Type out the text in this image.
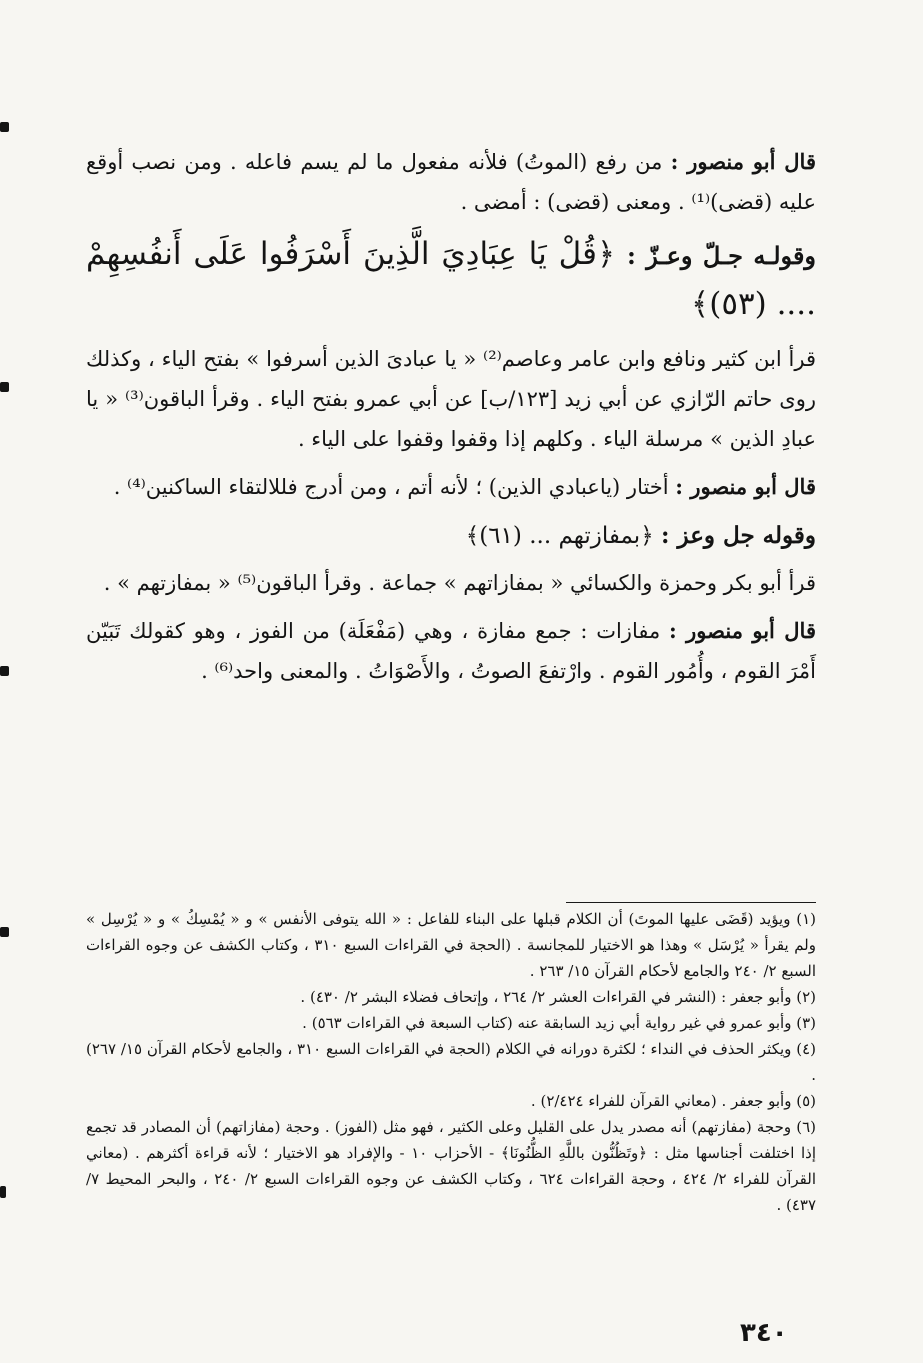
قال أبو منصور : من رفع (الموتُ) فلأنه مفعول ما لم يسم فاعله . ومن نصب أوقع عليه (قضى)⁽¹⁾ . ومعنى (قضى) : أمضى .

وقولـه جـلّ وعـزّ : ﴿قُلْ يَا عِبَادِيَ الَّذِينَ أَسْرَفُوا عَلَى أَنفُسِهِمْ .... (٥٣)﴾

قرأ ابن كثير ونافع وابن عامر وعاصم⁽²⁾ « يا عبادىَ الذين أسرفوا » بفتح الياء ، وكذلك روى حاتم الرّازي عن أبي زيد [١٢٣/ب] عن أبي عمرو بفتح الياء . وقرأ الباقون⁽³⁾ « يا عبادِ الذين » مرسلة الياء . وكلهم إذا وقفوا وقفوا على الياء .

قال أبو منصور : أختار (ياعبادي الذين) ؛ لأنه أتم ، ومن أدرج فللالتقاء الساكنين⁽⁴⁾ .

وقوله جل وعز : ﴿بمفازتهم ... (٦١)﴾

قرأ أبو بكر وحمزة والكسائي « بمفازاتهم » جماعة . وقرأ الباقون⁽⁵⁾ « بمفازتهم » .

قال أبو منصور : مفازات : جمع مفازة ، وهي (مَفْعَلَة) من الفوز ، وهو كقولك تَبَيّن أَمْرَ القوم ، وأُمُور القوم . وارْتفعَ الصوتُ ، والأَصْوَاتُ . والمعنى واحد⁽⁶⁾ .

(١) ويؤيد (قَضَى عليها الموتَ) أن الكلام قبلها على البناء للفاعل : « الله يتوفى الأنفس » و « يُمْسِكُ » و « يُرْسِل » ولم يقرأ « يُرْسَل » وهذا هو الاختيار للمجانسة . (الحجة في القراءات السبع ٣١٠ ، وكتاب الكشف عن وجوه القراءات السبع ٢/ ٢٤٠ والجامع لأحكام القرآن ١٥/ ٢٦٣ .

(٢) وأبو جعفر : (النشر في القراءات العشر ٢/ ٢٦٤ ، وإتحاف فضلاء البشر ٢/ ٤٣٠) .

(٣) وأبو عمرو في غير رواية أبي زيد السابقة عنه (كتاب السبعة في القراءات ٥٦٣) .

(٤) ويكثر الحذف في النداء ؛ لكثرة دورانه في الكلام (الحجة في القراءات السبع ٣١٠ ، والجامع لأحكام القرآن ١٥/ ٢٦٧) .

(٥) وأبو جعفر . (معاني القرآن للفراء ٢/٤٢٤) .

(٦) وحجة (مفازتهم) أنه مصدر يدل على القليل وعلى الكثير ، فهو مثل (الفوز) . وحجة (مفازاتهم) أن المصادر قد تجمع إذا اختلفت أجناسها مثل : ﴿وتَظُنُّون باللَّهِ الظُّنُونَا﴾ - الأحزاب ١٠ - والإفراد هو الاختيار ؛ لأنه قراءة أكثرهم . (معاني القرآن للفراء ٢/ ٤٢٤ ، وحجة القراءات ٦٢٤ ، وكتاب الكشف عن وجوه القراءات السبع ٢/ ٢٤٠ ، والبحر المحيط ٧/ ٤٣٧) .

٣٤٠
